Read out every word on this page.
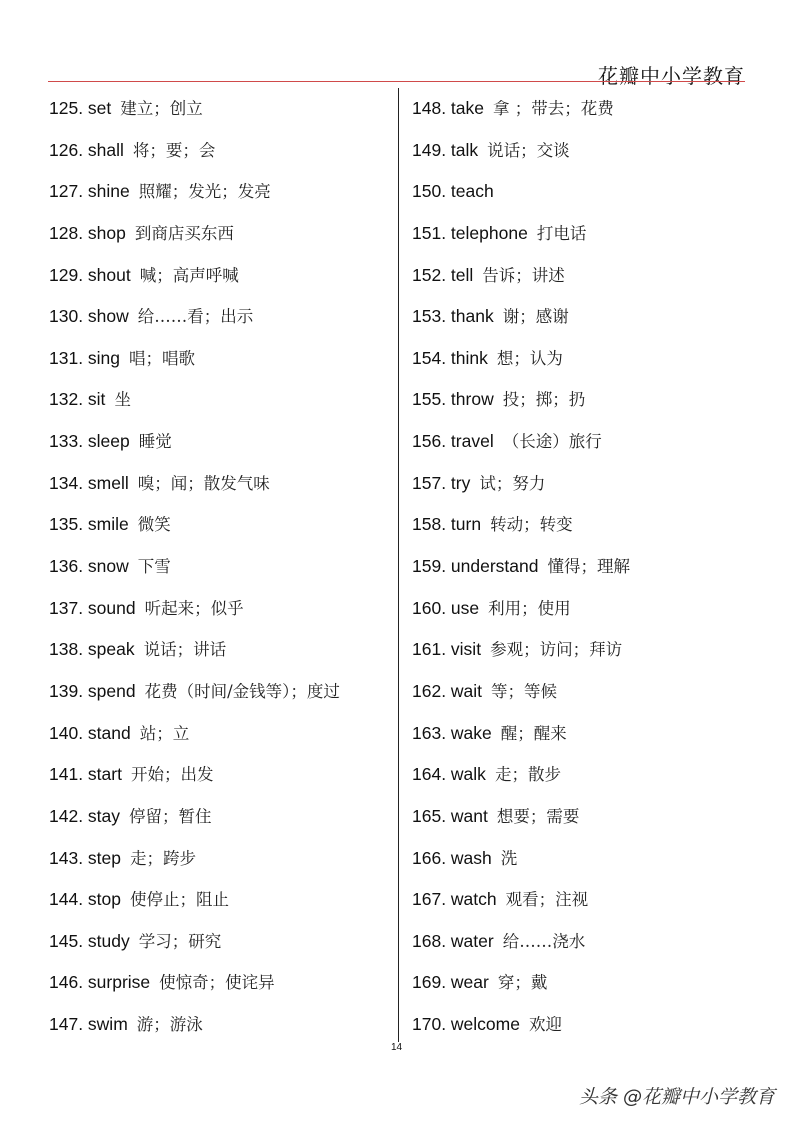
花瓣中小学教育
125. set 建立；创立
126. shall 将；要；会
127. shine 照耀；发光；发亮
128. shop 到商店买东西
129. shout 喊；高声呼喊
130. show 给……看；出示
131. sing 唱；唱歌
132. sit 坐
133. sleep 睡觉
134. smell 嗅；闻；散发气味
135. smile 微笑
136. snow 下雪
137. sound 听起来；似乎
138. speak 说话；讲话
139. spend 花费（时间/金钱等）；度过
140. stand 站；立
141. start 开始；出发
142. stay 停留；暂住
143. step 走；跨步
144. stop 使停止；阻止
145. study 学习；研究
146. surprise 使惊奇；使诧异
147. swim 游；游泳
148. take 拿 ；带去；花费
149. talk 说话；交谈
150. teach
151. telephone 打电话
152. tell 告诉；讲述
153. thank 谢；感谢
154. think 想；认为
155. throw 投；掷；扔
156. travel （长途）旅行
157. try 试；努力
158. turn 转动；转变
159. understand 懂得；理解
160. use 利用；使用
161. visit 参观；访问；拜访
162. wait 等；等候
163. wake 醒；醒来
164. walk 走；散步
165. want 想要；需要
166. wash 洗
167. watch 观看；注视
168. water 给……浇水
169. wear 穿；戴
170. welcome 欢迎
14
头条 @花瓣中小学教育
